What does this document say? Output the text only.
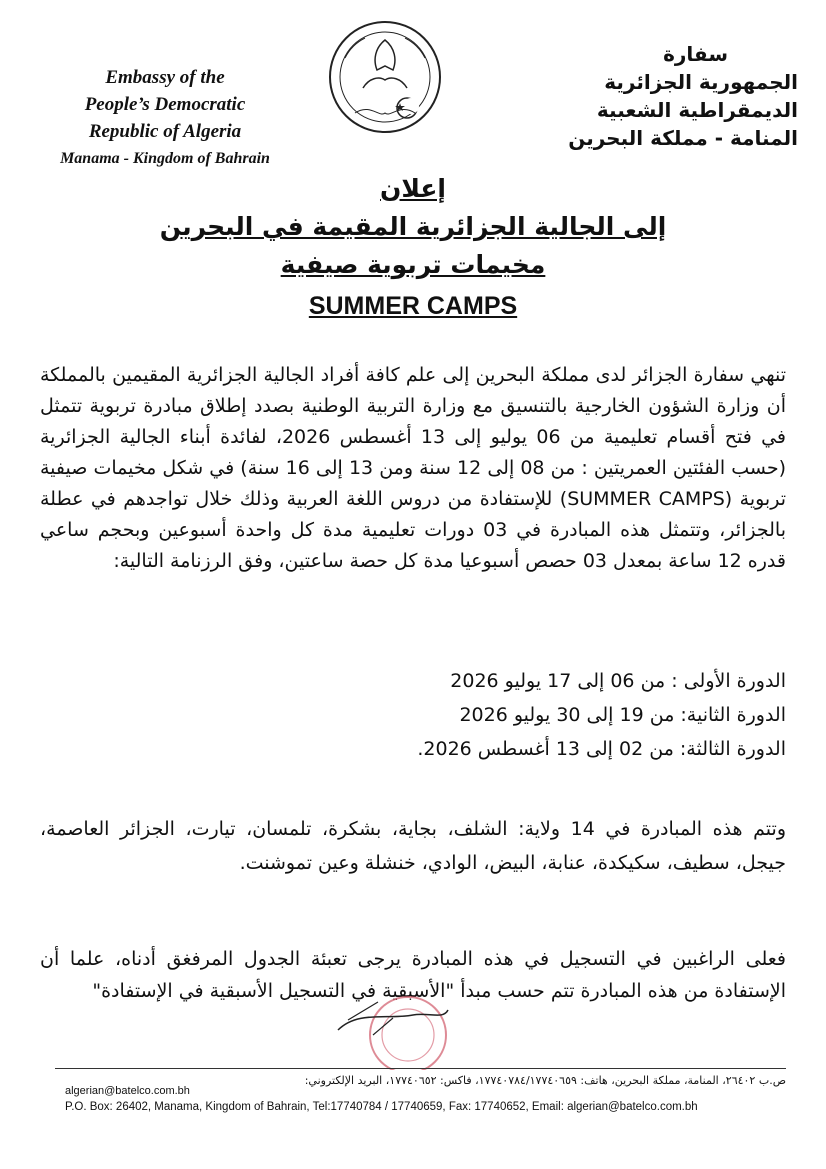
Embassy of the
People’s Democratic
Republic of Algeria
Manama - Kingdom of Bahrain
سفارة
الجمهورية الجزائرية
الديمقراطية الشعبية
المنامة - مملكة البحرين
إعلان
إلى الجالية الجزائرية المقيمة في البحرين
مخيمات تربوية صيفية
SUMMER CAMPS
تنهي سفارة الجزائر لدى مملكة البحرين إلى علم كافة أفراد الجالية الجزائرية المقيمين بالمملكة أن وزارة الشؤون الخارجية بالتنسيق مع وزارة التربية الوطنية بصدد إطلاق مبادرة تربوية تتمثل في فتح أقسام تعليمية من 06 يوليو إلى 13 أغسطس 2026، لفائدة أبناء الجالية الجزائرية (حسب الفئتين العمريتين : من 08 إلى 12 سنة ومن 13 إلى 16 سنة) في شكل مخيمات صيفية تربوية (SUMMER CAMPS) للإستفادة من دروس اللغة العربية وذلك خلال تواجدهم في عطلة بالجزائر، وتتمثل هذه المبادرة في 03 دورات تعليمية مدة كل واحدة أسبوعين وبحجم ساعي قدره 12 ساعة بمعدل 03 حصص أسبوعيا مدة كل حصة ساعتين، وفق الرزنامة التالية:
الدورة الأولى : من 06 إلى 17 يوليو 2026
الدورة الثانية: من 19 إلى 30 يوليو 2026
الدورة الثالثة: من 02 إلى 13 أغسطس 2026.
وتتم هذه المبادرة في 14 ولاية: الشلف، بجاية، بشكرة، تلمسان، تيارت، الجزائر العاصمة، جيجل، سطيف، سكيكدة، عنابة، البيض، الوادي، خنشلة وعين تموشنت.
فعلى الراغبين في التسجيل في هذه المبادرة يرجى تعبئة الجدول المرفغق أدناه، علما أن الإستفادة من هذه المبادرة تتم حسب مبدأ "الأسبقية في التسجيل الأسبقية في الإستفادة"
ص.ب ٢٦٤٠٢، المنامة، مملكة البحرين، هاتف: ١٧٧٤٠٧٨٤/١٧٧٤٠٦٥٩، فاكس: ١٧٧٤٠٦٥٢، البريد الإلكتروني:
algerian@batelco.com.bh
P.O. Box: 26402, Manama, Kingdom of Bahrain, Tel:17740784 / 17740659, Fax: 17740652, Email: algerian@batelco.com.bh
